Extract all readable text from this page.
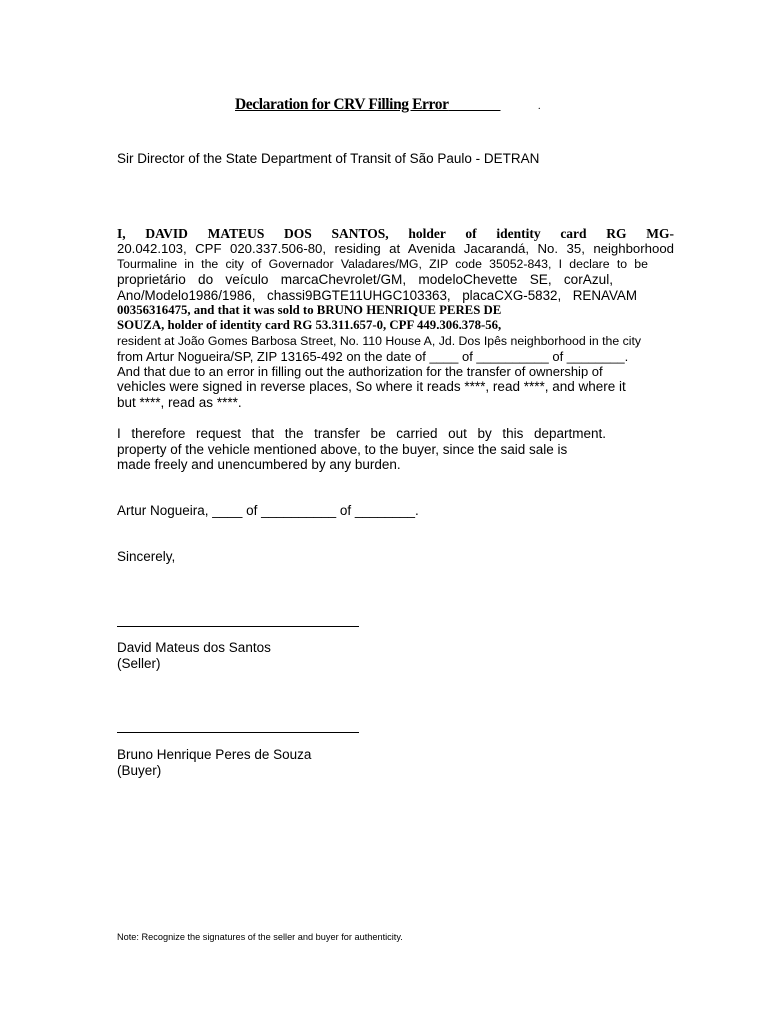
Declaration for CRV Filling Error	.
Sir Director of the State Department of Transit of São Paulo - DETRAN
I, DAVID MATEUS DOS SANTOS, holder of identity card RG MG-
20.042.103, CPF 020.337.506-80, residing at Avenida Jacarandá, No. 35, neighborhood
Tourmaline in the city of Governador Valadares/MG, ZIP code 35052-843, I declare to be
proprietário do veículo marcaChevrolet/GM, modeloChevette SE, corAzul,
Ano/Modelo1986/1986, chassi9BGTE11UHGC103363, placaCXG-5832, RENAVAM
00356316475, and that it was sold to BRUNO HENRIQUE PERES DE
SOUZA, holder of identity card RG 53.311.657-0, CPF 449.306.378-56,
resident at João Gomes Barbosa Street, No. 110 House A, Jd. Dos Ipês neighborhood in the city
from Artur Nogueira/SP, ZIP 13165-492 on the date of ____ of __________ of ________.
And that due to an error in filling out the authorization for the transfer of ownership of
vehicles were signed in reverse places, So where it reads ****, read ****, and where it
but ****, read as ****.
I therefore request that the transfer be carried out by this department.
property of the vehicle mentioned above, to the buyer, since the said sale is
made freely and unencumbered by any burden.
Artur Nogueira, ____ of __________ of ________.
Sincerely,
David Mateus dos Santos
(Seller)
Bruno Henrique Peres de Souza
(Buyer)
Note: Recognize the signatures of the seller and buyer for authenticity.
